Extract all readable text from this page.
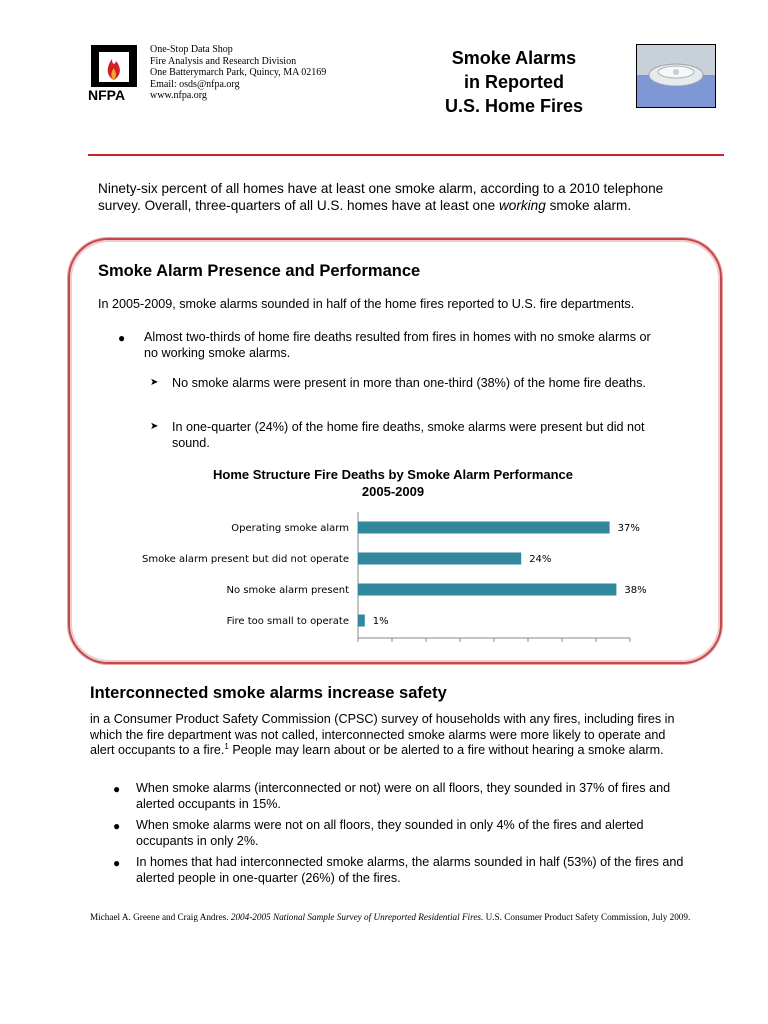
NFPA
One-Stop Data Shop
Fire Analysis and Research Division
One Batterymarch Park, Quincy, MA 02169
Email: osds@nfpa.org
www.nfpa.org
Smoke Alarms
in Reported
U.S. Home Fires
Ninety-six percent of all homes have at least one smoke alarm, according to a 2010 telephone survey. Overall, three-quarters of all U.S. homes have at least one working smoke alarm.
Smoke Alarm Presence and Performance
In 2005-2009, smoke alarms sounded in half of the home fires reported to U.S. fire departments.
● Almost two-thirds of home fire deaths resulted from fires in homes with no smoke alarms or no working smoke alarms.
➤ No smoke alarms were present in more than one-third (38%) of the home fire deaths.
➤ In one-quarter (24%) of the home fire deaths, smoke alarms were present but did not sound.
Home Structure Fire Deaths by Smoke Alarm Performance
2005-2009
Operating smoke alarm	37%
Smoke alarm present but did not operate	24%
No smoke alarm present	38%
Fire too small to operate 1%
Interconnected smoke alarms increase safety
in a Consumer Product Safety Commission (CPSC) survey of households with any fires, including fires in which the fire department was not called, interconnected smoke alarms were more likely to operate and alert occupants to a fire.$^1$ People may learn about or be alerted to a fire without hearing a smoke alarm.
● When smoke alarms (interconnected or not) were on all floors, they sounded in 37% of fires and alerted occupants in 15%.
● When smoke alarms were not on all floors, they sounded in only 4% of the fires and alerted occupants in only 2%.
● In homes that had interconnected smoke alarms, the alarms sounded in half (53%) of the fires and alerted people in one-quarter (26%) of the fires.
Michael A. Greene and Craig Andres. 2004-2005 National Sample Survey of Unreported Residential Fires. U.S. Consumer Product Safety Commission, July 2009.
